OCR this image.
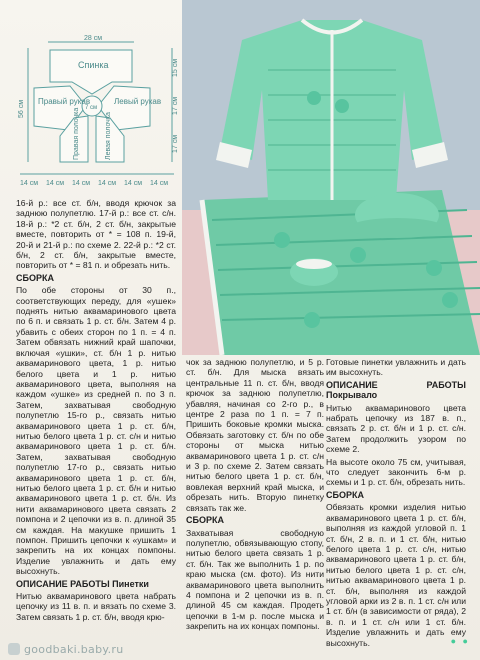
28 см
56 см
15 см
17 см
17 см
Спинка
Правый рукав	Левый рукав
7 см
Правая полочка	Левая полочка
14 см 14 см 14 см 14 см 14 см 14 см

16-й р.: все ст. б/н, вводя крючок за заднюю полупетлю. 17-й р.: все ст. с/н. 18-й р.: *2 ст. б/н, 2 ст. б/н, закрытые вместе, повторить от * = 108 п. 19-й, 20-й и 21-й р.: по схеме 2. 22-й р.: *2 ст. б/н, 2 ст. б/н, закрытые вместе, повторить от * = 81 п. и обрезать нить.

СБОРКА

По обе стороны от 30 п., соответствующих переду, для «ушек» поднять нитью аквамаринового цвета по 6 п. и связать 1 р. ст. б/н. Затем 4 р. убавить с обеих сторон по 1 п. = 4 п. Затем обвязать нижний край шапочки, включая «ушки», ст. б/н 1 р. нитью аквамаринового цвета, 1 р. нитью белого цвета и 1 р. нитью аквамаринового цвета, выполняя на каждом «ушке» из средней п. по 3 п. Затем, захватывая свободную полупетлю 15-го р., связать нитью аквамаринового цвета 1 р. ст. б/н, нитью белого цвета 1 р. ст. с/н и нитью аквамаринового цвета 1 р. ст. б/н. Затем, захватывая свободную полупетлю 17-го р., связать нитью аквамаринового цвета 1 р. ст. б/н, нитью белого цвета 1 р. ст. б/н и нитью аквамаринового цвета 1 р. ст. б/н. Из нити аквамаринового цвета связать 2 помпона и 2 цепочки из в. п. длиной 35 см каждая. На макушке пришить 1 помпон. Пришить цепочки к «ушкам» и закрепить на их концах помпоны. Изделие увлажнить и дать ему высохнуть.

ОПИСАНИЕ РАБОТЫ Пинетки

Нитью аквамаринового цвета набрать цепочку из 11 в. п. и вязать по схеме 3. Затем связать 1 р. ст. б/н, вводя крю-

чок за заднюю полупетлю, и 5 р. ст. б/н. Для мыска вязать центральные 11 п. ст. б/н, вводя крючок за заднюю полупетлю, убавляя, начиная со 2-го р., в центре 2 раза по 1 п. = 7 п. Пришить боковые кромки мыска. Обвязать заготовку ст. б/н по обе стороны от мыска нитью аквамаринового цвета 1 р. ст. с/н и 3 р. по схеме 2. Затем связать нитью белого цвета 1 р. ст. б/н, вовлекая верхний край мыска, и обрезать нить. Вторую пинетку связать так же.

СБОРКА

Захватывая свободную полупетлю, обвязывающую стопу, нитью белого цвета связать 1 р. ст. б/н. Так же выполнить 1 р. по краю мыска (см. фото). Из нити аквамаринового цвета выполнить 4 помпона и 2 цепочки из в. п. длиной 45 см каждая. Продеть цепочки в 1-м р. после мыска и закрепить на их концах помпоны.

Готовые пинетки увлажнить и дать им высохнуть.

ОПИСАНИЕ РАБОТЫ Покрывало

Нитью аквамаринового цвета набрать цепочку из 187 в. п., связать 2 р. ст. б/н и 1 р. ст. с/н. Затем продолжить узором по схеме 2.

На высоте около 75 см, учитывая, что следует закончить 6-м р. схемы и 1 р. ст. б/н, обрезать нить.

СБОРКА

Обвязать кромки изделия нитью аквамаринового цвета 1 р. ст. б/н, выполняя из каждой угловой п. 1 ст. б/н, 2 в. п. и 1 ст. б/н, нитью белого цвета 1 р. ст. с/н, нитью аквамаринового цвета 1 р. ст. б/н, нитью белого цвета 1 р. ст. с/н, нитью аквамаринового цвета 1 р. ст. б/н, выполняя из каждой угловой арки из 2 в. п. 1 ст. с/н или 1 ст. б/н (в зависимости от ряда), 2 в. п. и 1 ст. с/н или 1 ст. б/н. Изделие увлажнить и дать ему высохнуть.

goodbaki.baby.ru
● ●
